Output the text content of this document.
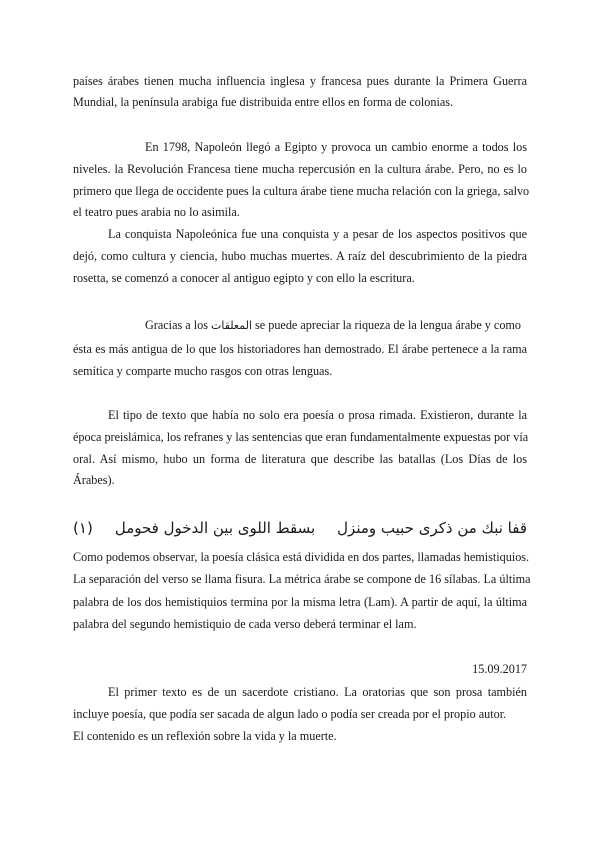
países árabes tienen mucha influencia inglesa y francesa pues durante la Primera Guerra
Mundial, la península arabiga fue distribuida entre ellos en forma de colonias.
En 1798, Napoleón llegó a Egipto y provoca un cambio enorme a todos los
niveles. la Revolución Francesa tiene mucha repercusión en la cultura árabe. Pero, no es lo
primero que llega de occidente pues la cultura árabe tiene mucha relación con la griega, salvo
el teatro pues arabia no lo asimila.
La conquista Napoleónica fue una conquista y a pesar de los aspectos positivos que
dejó, como cultura y ciencia, hubo muchas muertes. A raíz del descubrimiento de la piedra
rosetta, se comenzó a conocer al antiguo egipto y con ello la escritura.
Gracias a los المعلقات se puede apreciar la riqueza de la lengua árabe y como
ésta es más antigua de lo que los historiadores han demostrado. El árabe pertenece a la rama
semítica y comparte mucho rasgos con otras lenguas.
El tipo de texto que había no solo era poesía o prosa rimada. Existieron, durante la
época preislámica, los refranes y las sentencias que eran fundamentalmente expuestas por vía
oral. Así mismo, hubo un forma de literatura que describe las batallas (Los Días de los
Árabes).
قفا نبك من ذكرى حبيب ومنزل
بسقط اللوى بين الدخول فحومل
(١)
Como podemos observar, la poesía clásica está dividida en dos partes, llamadas hemistiquios.
La separación del verso se llama fisura. La métrica árabe se compone de 16 sílabas. La última
palabra de los dos hemistiquios termina por la misma letra (Lam). A partir de aquí, la última
palabra del segundo hemistiquio de cada verso deberá terminar el lam.
15.09.2017
El primer texto es de un sacerdote cristiano. La oratorias que son prosa también
incluye poesía, que podía ser sacada de algun lado o podía ser creada por el propio autor.
El contenido es un reflexión sobre la vida y la muerte.
